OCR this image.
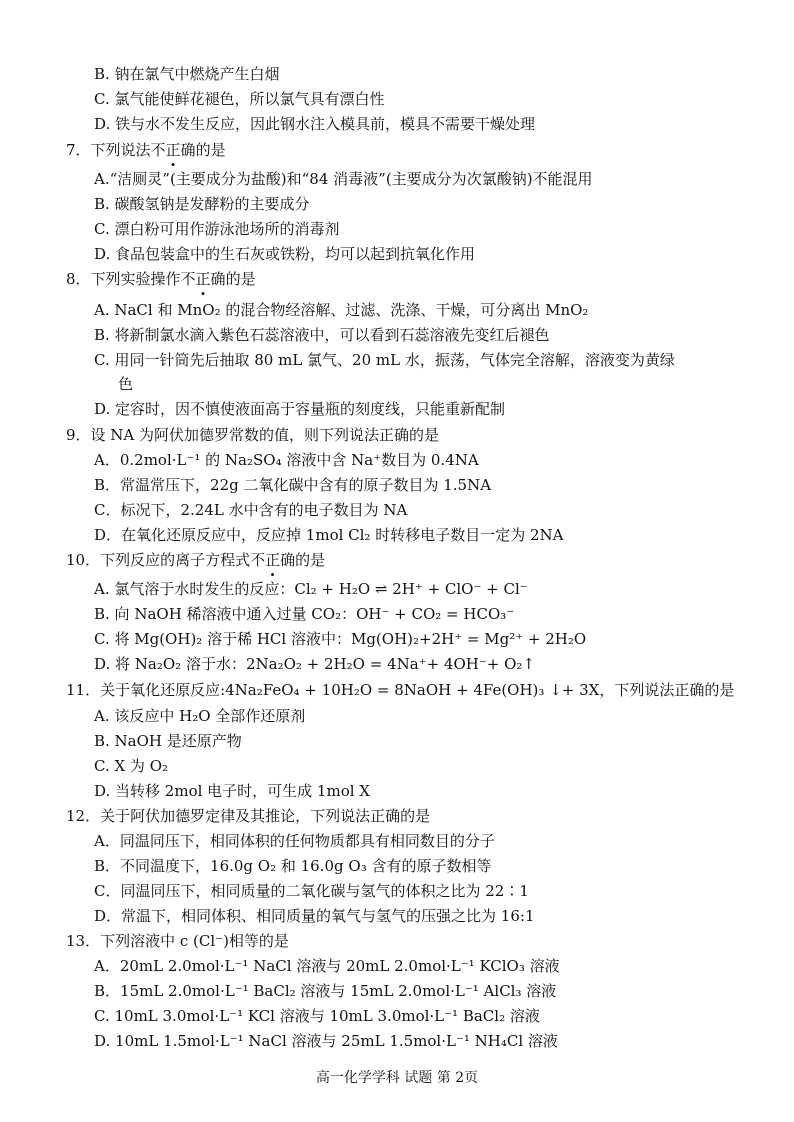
B. 钠在氯气中燃烧产生白烟
C. 氯气能使鲜花褪色，所以氯气具有漂白性
D. 铁与水不发生反应，因此钢水注入模具前，模具不需要干燥处理
7．下列说法不正确的是
A.“洁厕灵”(主要成分为盐酸)和“84 消毒液”(主要成分为次氯酸钠)不能混用
B. 碳酸氢钠是发酵粉的主要成分
C. 漂白粉可用作游泳池场所的消毒剂
D. 食品包装盒中的生石灰或铁粉，均可以起到抗氧化作用
8．下列实验操作不正确的是
A. NaCl 和 MnO₂ 的混合物经溶解、过滤、洗涤、干燥，可分离出 MnO₂
B. 将新制氯水滴入紫色石蕊溶液中，可以看到石蕊溶液先变红后褪色
C. 用同一针筒先后抽取 80 mL 氯气、20 mL 水，振荡，气体完全溶解，溶液变为黄绿
色
D. 定容时，因不慎使液面高于容量瓶的刻度线，只能重新配制
9．设 NA 为阿伏加德罗常数的值，则下列说法正确的是
A．0.2mol·L⁻¹ 的 Na₂SO₄ 溶液中含 Na⁺数目为 0.4NA
B．常温常压下，22g 二氧化碳中含有的原子数目为 1.5NA
C．标况下，2.24L 水中含有的电子数目为 NA
D．在氧化还原反应中，反应掉 1mol Cl₂ 时转移电子数目一定为 2NA
10．下列反应的离子方程式不正确的是
A. 氯气溶于水时发生的反应：Cl₂ + H₂O ⇌ 2H⁺ + ClO⁻ + Cl⁻
B. 向 NaOH 稀溶液中通入过量 CO₂：OH⁻ + CO₂ = HCO₃⁻
C. 将 Mg(OH)₂ 溶于稀 HCl 溶液中：Mg(OH)₂+2H⁺ = Mg²⁺ + 2H₂O
D. 将 Na₂O₂ 溶于水：2Na₂O₂ + 2H₂O = 4Na⁺+ 4OH⁻+ O₂↑
11．关于氧化还原反应:4Na₂FeO₄ + 10H₂O = 8NaOH + 4Fe(OH)₃ ↓+ 3X，下列说法正确的是
A. 该反应中 H₂O 全部作还原剂
B. NaOH 是还原产物
C. X 为 O₂
D. 当转移 2mol 电子时，可生成 1mol X
12．关于阿伏加德罗定律及其推论，下列说法正确的是
A．同温同压下，相同体积的任何物质都具有相同数目的分子
B．不同温度下，16.0g O₂ 和 16.0g O₃ 含有的原子数相等
C．同温同压下，相同质量的二氧化碳与氢气的体积之比为 22∶1
D．常温下，相同体积、相同质量的氧气与氢气的压强之比为 16:1
13．下列溶液中 c (Cl⁻)相等的是
A．20mL 2.0mol·L⁻¹ NaCl 溶液与 20mL 2.0mol·L⁻¹ KClO₃ 溶液
B．15mL 2.0mol·L⁻¹ BaCl₂ 溶液与 15mL 2.0mol·L⁻¹ AlCl₃ 溶液
C. 10mL 3.0mol·L⁻¹ KCl 溶液与 10mL 3.0mol·L⁻¹ BaCl₂ 溶液
D. 10mL 1.5mol·L⁻¹ NaCl 溶液与 25mL 1.5mol·L⁻¹ NH₄Cl 溶液
高一化学学科 试题 第 2页
